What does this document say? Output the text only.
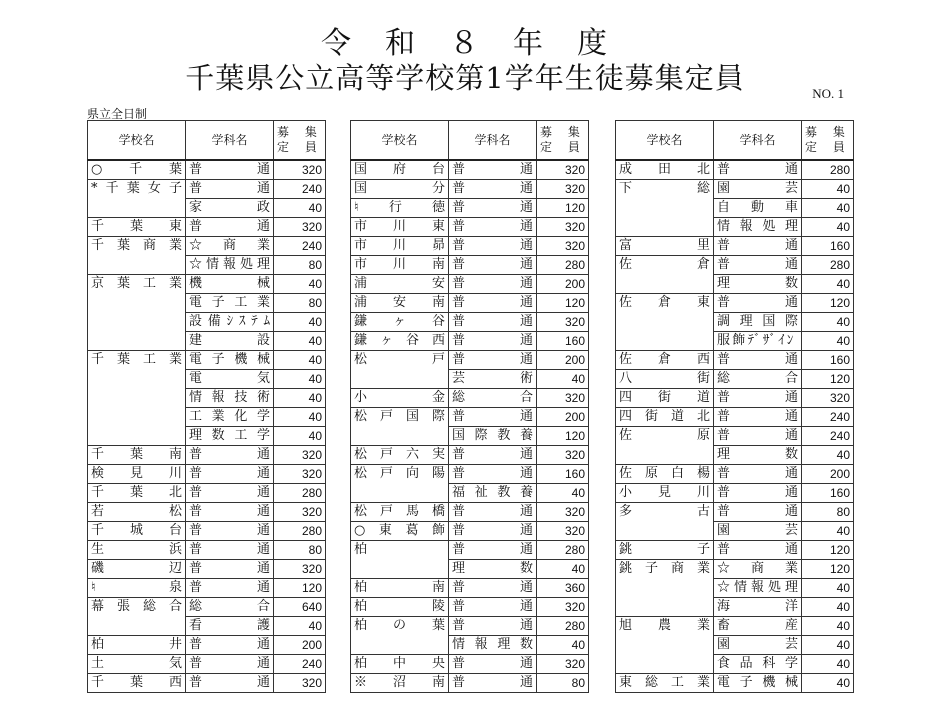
令　和　８　年　度
千葉県公立高等学校第1学年生徒募集定員	NO. 1
県立全日制
学校名	学科名	募 集
定 員

○千葉	普通	320
*千葉女子	普通	240
	家政	40
千葉東	普通	320
千葉商業	☆商業	240
	☆情報処理	80
京葉工業	機械	40
	電子工業	80
	設備ｼｽﾃﾑ	40
	建設	40
千葉工業	電子機械	40
	電気	40
	情報技術	40
	工業化学	40
	理数工学	40
千葉南	普通	320
検見川	普通	320
千葉北	普通	280
若松	普通	320
千城台	普通	280
生浜	普通	80
磯辺	普通	320
♮泉	普通	120
幕張総合	総合	640
	看護	40
柏井	普通	200
土気	普通	240
千葉西	普通	320
学校名	学科名	募 集
定 員

国府台	普通	320
国分	普通	320
♮行徳	普通	120
市川東	普通	320
市川昴	普通	320
市川南	普通	280
浦安	普通	200
浦安南	普通	120
鎌ヶ谷	普通	320
鎌ヶ谷西	普通	160
松戸	普通	200
	芸術	40
小金	総合	320
松戸国際	普通	200
	国際教養	120
松戸六実	普通	320
松戸向陽	普通	160
	福祉教養	40
松戸馬橋	普通	320
○東葛飾	普通	320
柏	普通	280
	理数	40
柏南	普通	360
柏陵	普通	320
柏の葉	普通	280
	情報理数	40
柏中央	普通	320
※沼南	普通	80
学校名	学科名	募 集
定 員

成田北	普通	280
下総	園芸	40
	自動車	40
	情報処理	40
富里	普通	160
佐倉	普通	280
	理数	40
佐倉東	普通	120
	調理国際	40
	服飾ﾃﾞｻﾞｲﾝ	40
佐倉西	普通	160
八街	総合	120
四街道	普通	320
四街道北	普通	240
佐原	普通	240
	理数	40
佐原白楊	普通	200
小見川	普通	160
多古	普通	80
	園芸	40
銚子	普通	120
銚子商業	☆商業	120
	☆情報処理	40
	海洋	40
旭農業	畜産	40
	園芸	40
	食品科学	40
東総工業	電子機械	40
